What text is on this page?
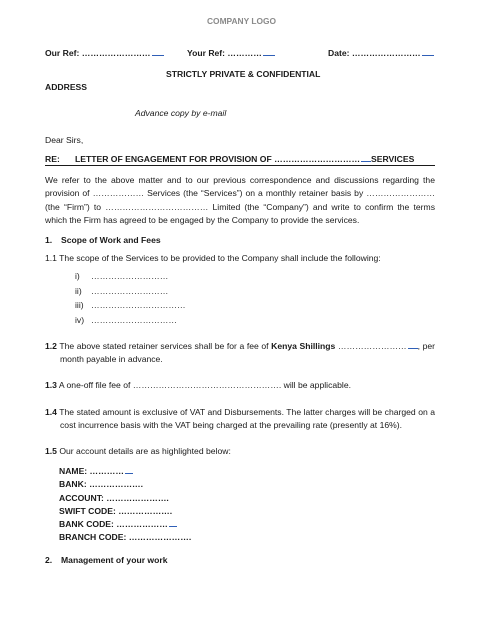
COMPANY LOGO
Our Ref: ……………………	Your Ref: …………	Date: ……………………
STRICTLY PRIVATE & CONFIDENTIAL
ADDRESS
Advance copy by e-mail
Dear Sirs,
RE: LETTER OF ENGAGEMENT FOR PROVISION OF ………………………… SERVICES
We refer to the above matter and to our previous correspondence and discussions regarding the provision of ……………… Services (the “Services”) on a monthly retainer basis by …………………… (the “Firm”) to ……………………………… Limited (the “Company”) and write to confirm the terms which the Firm has agreed to be engaged by the Company to provide the services.
1. Scope of Work and Fees
1.1 The scope of the Services to be provided to the Company shall include the following:
i) ………………………
ii) ………………………
iii) ……………………………
iv) …………………………
1.2 The above stated retainer services shall be for a fee of Kenya Shillings …………………… , per month payable in advance.
1.3 A one-off file fee of ……………………………………………. will be applicable.
1.4 The stated amount is exclusive of VAT and Disbursements. The latter charges will be charged on a cost incurrence basis with the VAT being charged at the prevailing rate (presently at 16%).
1.5 Our account details are as highlighted below:
NAME: …………
BANK: ……………….
ACCOUNT: ………………….
SWIFT CODE: ……………….
BANK CODE: ………………
BRANCH CODE: ………………….
2. Management of your work
